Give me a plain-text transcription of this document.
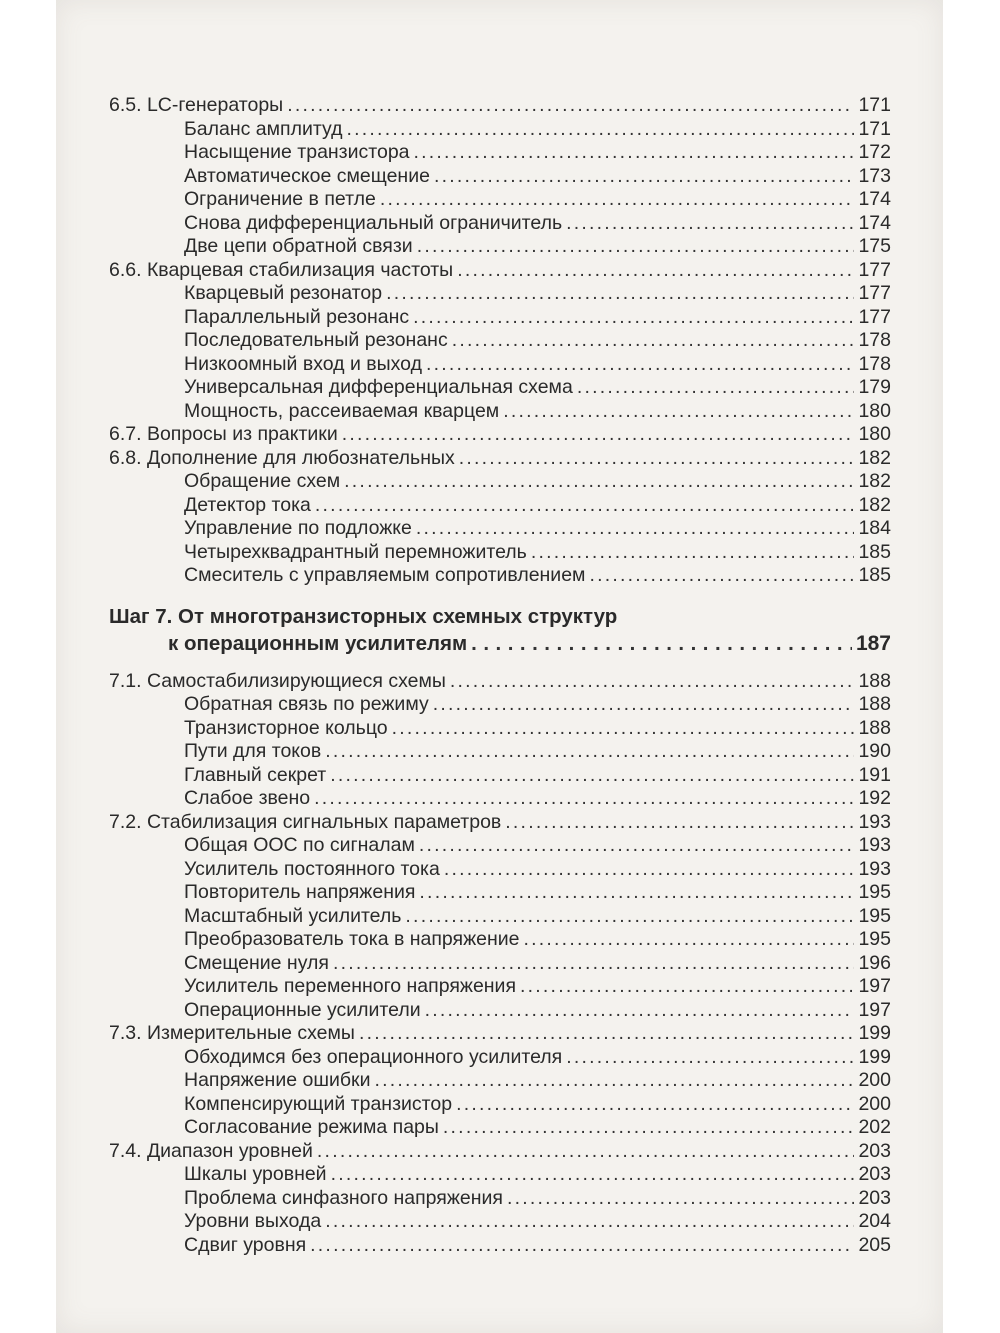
6.5. LC-генераторы . . .	171
Баланс амплитуд . . .	171
Насыщение транзистора . . .	172
Автоматическое смещение . . .	173
Ограничение в петле . . .	174
Снова дифференциальный ограничитель . . .	174
Две цепи обратной связи . . .	175
6.6. Кварцевая стабилизация частоты . . .	177
Кварцевый резонатор . . .	177
Параллельный резонанс . . .	177
Последовательный резонанс . . .	178
Низкоомный вход и выход . . .	178
Универсальная дифференциальная схема . . .	179
Мощность, рассеиваемая кварцем . . .	180
6.7. Вопросы из практики . . .	180
6.8. Дополнение для любознательных . . .	182
Обращение схем . . .	182
Детектор тока . . .	182
Управление по подложке . . .	184
Четырехквадрантный перемножитель . . .	185
Смеситель с управляемым сопротивлением . . .	185
Шаг 7. От многотранзисторных схемных структур
к операционным усилителям . . .	187
7.1. Самостабилизирующиеся схемы . . .	188
Обратная связь по режиму . . .	188
Транзисторное кольцо . . .	188
Пути для токов . . .	190
Главный секрет . . .	191
Слабое звено . . .	192
7.2. Стабилизация сигнальных параметров . . .	193
Общая ООС по сигналам . . .	193
Усилитель постоянного тока . . .	193
Повторитель напряжения . . .	195
Масштабный усилитель . . .	195
Преобразователь тока в напряжение . . .	195
Смещение нуля . . .	196
Усилитель переменного напряжения . . .	197
Операционные усилители . . .	197
7.3. Измерительные схемы . . .	199
Обходимся без операционного усилителя . . .	199
Напряжение ошибки . . .	200
Компенсирующий транзистор . . .	200
Согласование режима пары . . .	202
7.4. Диапазон уровней . . .	203
Шкалы уровней . . .	203
Проблема синфазного напряжения . . .	203
Уровни выхода . . .	204
Сдвиг уровня . . .	205
